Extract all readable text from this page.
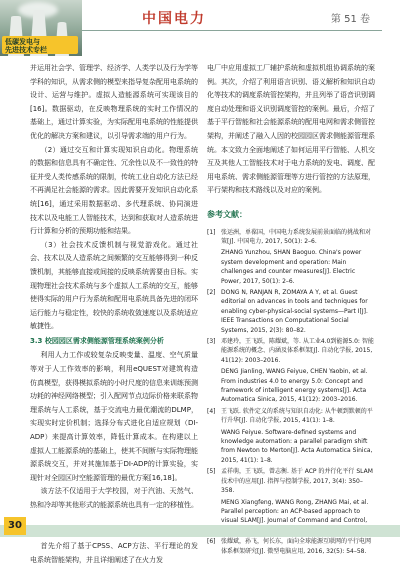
低碳发电与
先进技术专栏
中国电力	第 51 卷

并运用社会学、管理学、经济学、人类学以及行为学等学科的知识，从需求侧的模型来指导复杂配用电系统的设计、运营与维护。虚拟人造能源系统可实现该目的[16]。数据驱动，在反映物理系统的实时工作情况的基础上，通过计算实验，为实际配用电系统的性能提供优化的解决方案和建议，以引导需求端的用户行为。

（2）通过交互和计算实现知识自动化。物理系统的数据和信息具有不确定性、冗余性以及不一致性的特征并受人类传感系统的限制，传统工业自动化方法已经不再满足社会能源的需求。因此需要开发知识自动化系统[16]，通过采用数据驱动、多代理系统、协同演进技术以及电能工人智能技术，达到和获取对人造系统进行计算和分析的预期功能和结果。

（3）社会技术反馈机制与视觉游戏化。通过社会、技术以及人造系统之间频繁的交互能够得到一种反馈机制，其能够直接或间接的反映系统需要由目标。实现物理社会技术系统与多个虚拟人工系统的交互，能够使得实际的用户行为系统和配用电系统具备先进的闭环运行能力与稳定性，较快的系统收敛速度以及系统适应敏捷性。

3.3 校园园区需求侧能源管理系统案例分析

利用人力工作或较复杂反映变量、温度、空气质量等对于人工作效率的影响，利用eQUEST对建筑构造仿真模型，获得模拟系统的小时尺度的信息来训练预测功耗的神经网络模型；引入配网节点边际价格来联系物理系统与人工系统，基于交流电力最优潮流的DLMP，实现实时定价机制；选择分布式进化自适应规划（DI-ADP）来提高计算效率，降低计算成本。在构建以上虚拟人工能源系统的基础上，使其不间断与实际物理能源系统交互，并对其施加基于DI-ADP的计算实验，实现针对全园区时空能源管理的最优方案[16,18]。

该方法不仅适用于大学校园，对于汽油、天然气、热和冷却等其他形式的能源系统也具有一定的移植性。

首先介绍了基于CPSS、ACP方法、平行理论的发电系统智能架构，并且详细阐述了在火力发

电厂中应用虚拟工厂辅护系统和虚拟机组协调系统的案例。其次，介绍了利用语言识别、语义解析和知识自动化等技术的调度系统管控架构，并且列举了语音识别调度自动处理和语义识别调度管控的案例。最后，介绍了基于平行智能和社会能源系统的配用电网和需求侧管控架构，并阐述了融入人因的校园园区需求侧能源管理系统。本文致力全面地阐述了如何运用平行智能、人机交互及其他人工智能技术对于电力系统的发电、调度、配用电系统、需求侧能源管理等方进行管控的方法原理，平行架构和技术路线以及对应的案例。

参考文献：

[1] 张运洲，单葆国，中国电力系统发展前景面临的挑战和对策[J]. 中国电力, 2017, 50(1): 2–6.

ZHANG Yunzhou, SHAN Baoguo. China's power system development and operation: Main challenges and counter measures[J]. Electric Power, 2017, 50(1): 2–6.

[2] DONG N, RANJAN R, ZOMAYA A Y, et al. Guest editorial on advances in tools and techniques for enabling cyber-physical-social systems—Part I[J]. IEEE Transactions on Computational Social Systems, 2015, 2(3): 80–82.

[3] 邓建玲，王飞跃，陈耀斌，等. 从工业4.0到能源5.0: 智能能源系统的概念、内涵及体系框架[J]. 自动化学报, 2015, 41(12): 2003–2016.

DENG Jianling, WANG Feiyue, CHEN Yaobin, et al. From industries 4.0 to energy 5.0: Concept and framework of intelligent energy systems[J]. Acta Automatica Sinica, 2015, 41(12): 2003–2016.

[4] 王飞跃. 软件定义的系统与知识自动化: 从牛顿到默顿的平行升华[J]. 自动化学报, 2015, 41(1): 1–8.

WANG Feiyue. Software-defined systems and knowledge automation: a parallel paradigm shift from Newton to Merton[J]. Acta Automatica Sinica, 2015, 41(1): 1–8.

[5] 孟祥萌，王飞跃，曾志衡. 基于 ACP 的并行化平行 SLAM 技术中的应用[J]. 指挥与控制学报, 2017, 3(4): 350–358.

MENG Xiangfeng, WANG Rong, ZHANG Mai, et al. Parallel perception: an ACP-based approach to visual SLAM[J]. Journal of Command and Control,

[6] 张耀斌，孙飞，何长东，面向全球能源互联网的平行电网体系框架研究[J]. 微型电脑应用, 2016, 32(5): 54–58.

30
